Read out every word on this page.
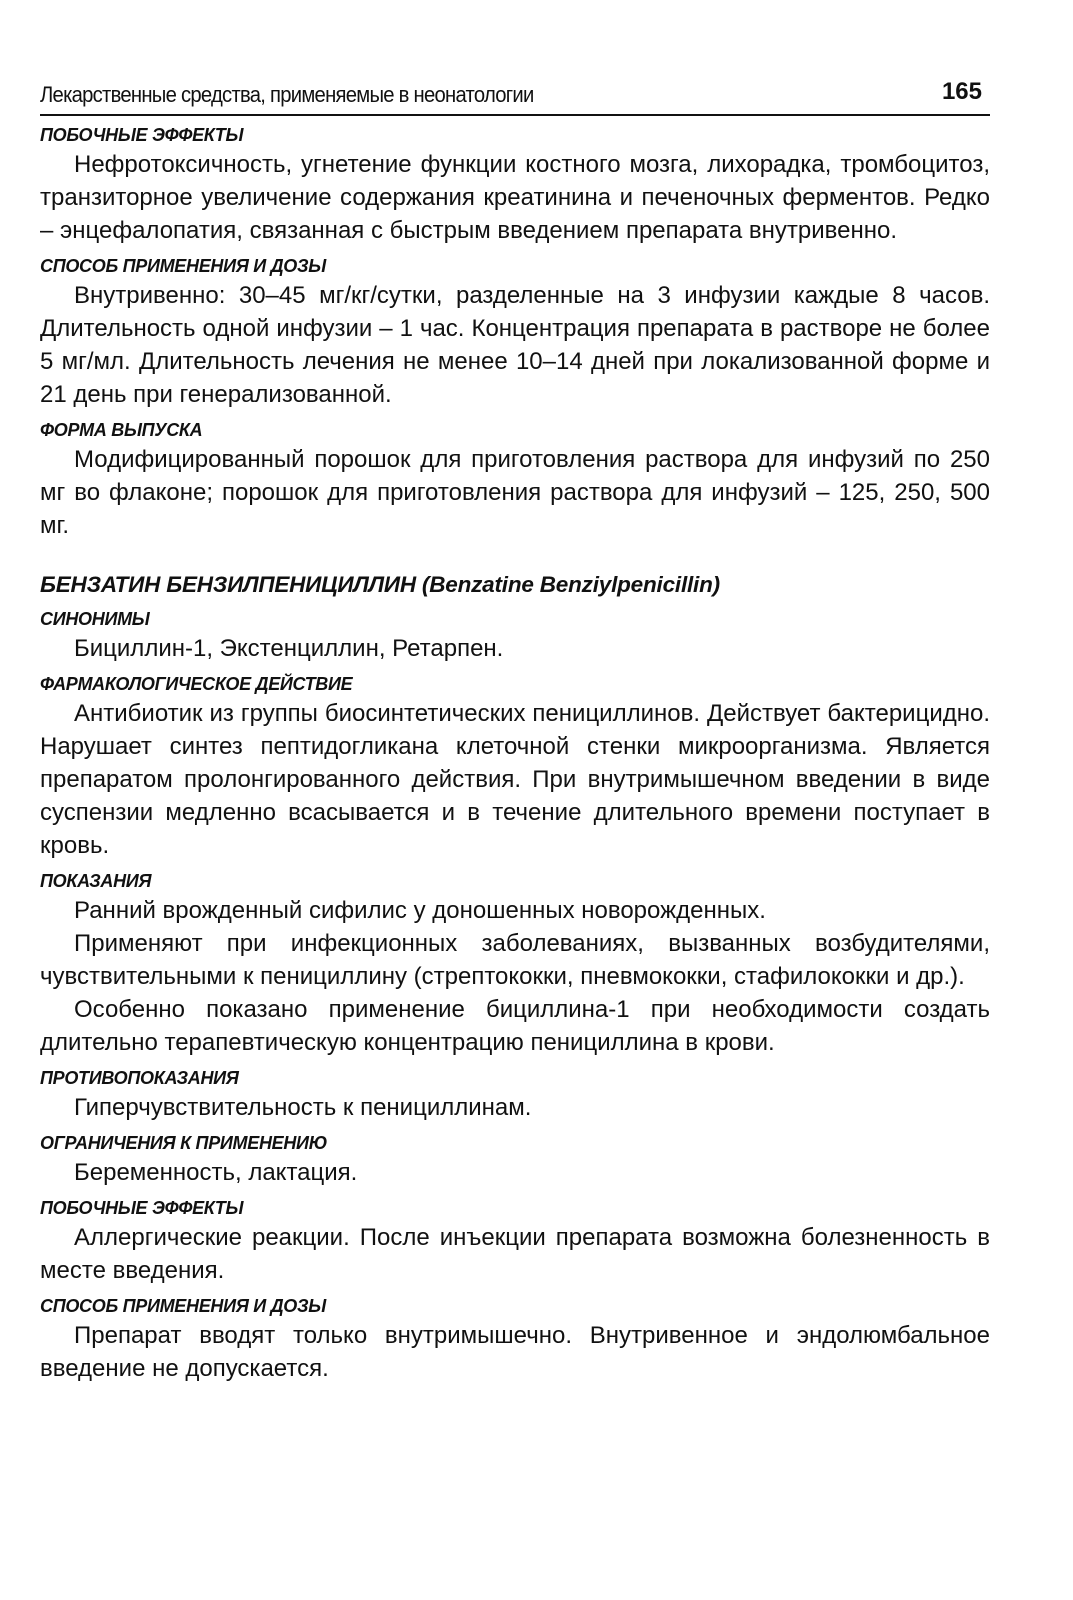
Лекарственные средства, применяемые в неонатологии	165
ПОБОЧНЫЕ ЭФФЕКТЫ

Нефротоксичность, угнетение функции костного мозга, лихорадка, тромбоцитоз, транзиторное увеличение содержания креатинина и печеночных ферментов. Редко – энцефалопатия, связанная с быстрым введением препарата внутривенно.

СПОСОБ ПРИМЕНЕНИЯ И ДОЗЫ

Внутривенно: 30–45 мг/кг/сутки, разделенные на 3 инфузии каждые 8 часов. Длительность одной инфузии – 1 час. Концентрация препарата в растворе не более 5 мг/мл. Длительность лечения не менее 10–14 дней при локализованной форме и 21 день при генерализованной.

ФОРМА ВЫПУСКА

Модифицированный порошок для приготовления раствора для инфузий по 250 мг во флаконе; порошок для приготовления раствора для инфузий – 125, 250, 500 мг.

БЕНЗАТИН БЕНЗИЛПЕНИЦИЛЛИН (Benzatine Benziylpenicillin)
СИНОНИМЫ

Бициллин-1, Экстенциллин, Ретарпен.

ФАРМАКОЛОГИЧЕСКОЕ ДЕЙСТВИЕ

Антибиотик из группы биосинтетических пенициллинов. Действует бактерицидно. Нарушает синтез пептидогликана клеточной стенки микроорганизма. Является препаратом пролонгированного действия. При внутримышечном введении в виде суспензии медленно всасывается и в течение длительного времени поступает в кровь.

ПОКАЗАНИЯ

Ранний врожденный сифилис у доношенных новорожденных.

Применяют при инфекционных заболеваниях, вызванных возбудителями, чувствительными к пенициллину (стрептококки, пневмококки, стафилококки и др.).

Особенно показано применение бициллина-1 при необходимости создать длительно терапевтическую концентрацию пенициллина в крови.

ПРОТИВОПОКАЗАНИЯ

Гиперчувствительность к пенициллинам.

ОГРАНИЧЕНИЯ К ПРИМЕНЕНИЮ

Беременность, лактация.

ПОБОЧНЫЕ ЭФФЕКТЫ

Аллергические реакции. После инъекции препарата возможна болезненность в месте введения.

СПОСОБ ПРИМЕНЕНИЯ И ДОЗЫ

Препарат вводят только внутримышечно. Внутривенное и эндолюмбальное введение не допускается.
